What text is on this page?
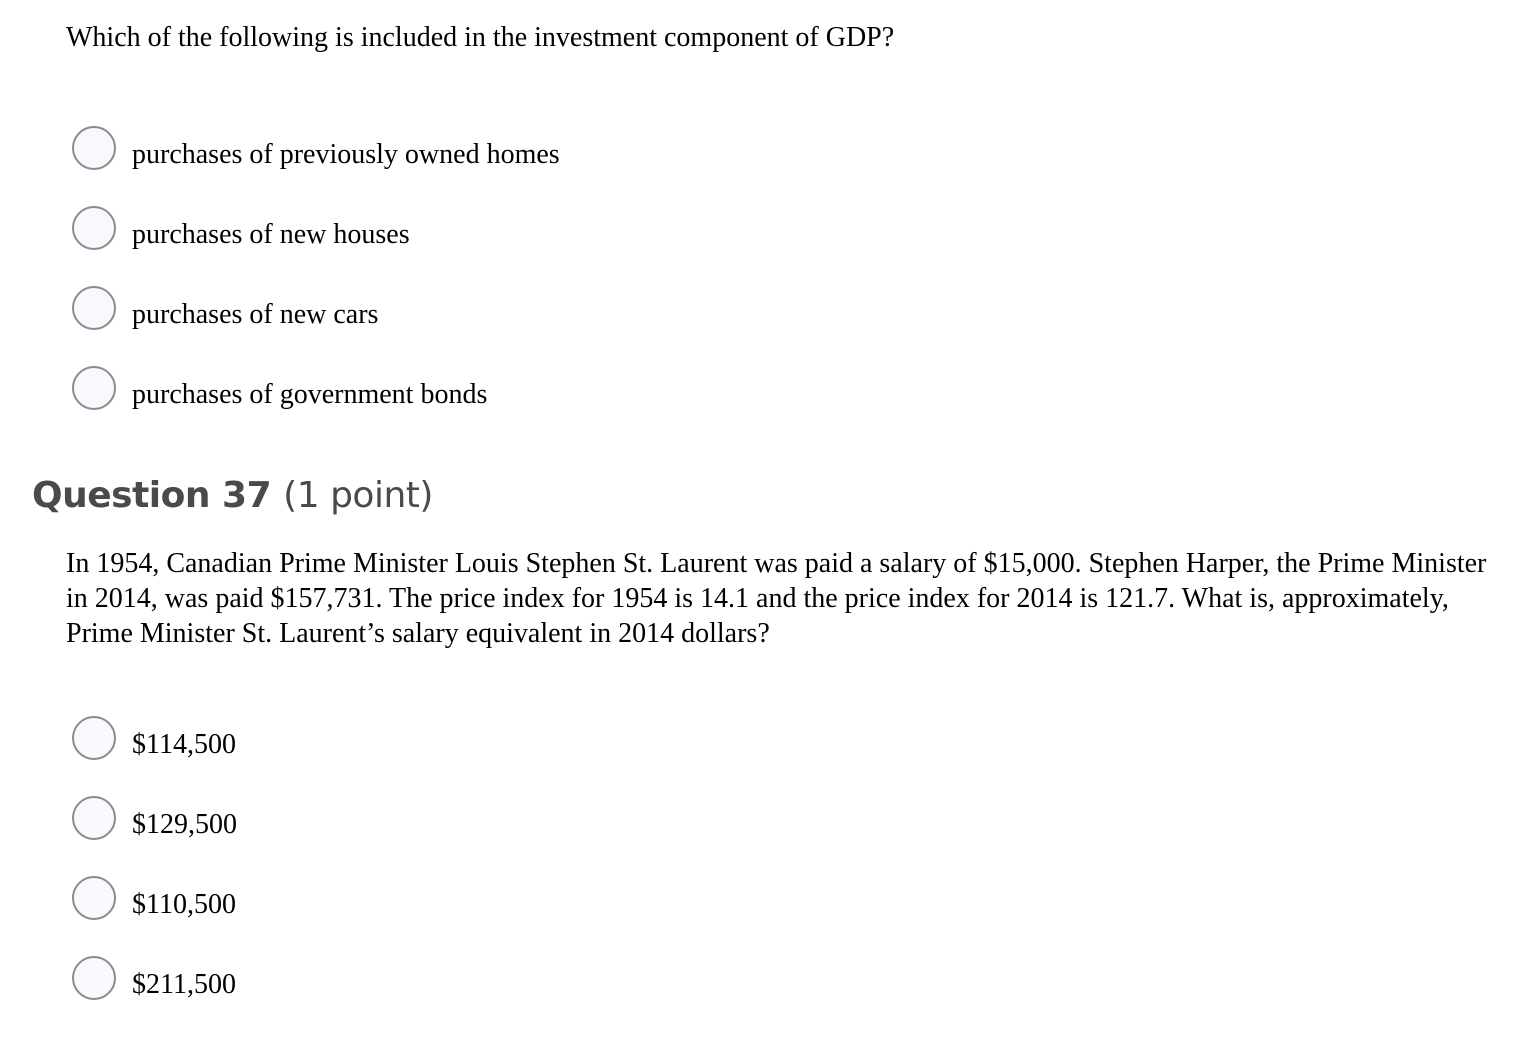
Which of the following is included in the investment component of GDP?

purchases of previously owned homes
purchases of new houses
purchases of new cars
purchases of government bonds
Question 37 (1 point)

In 1954, Canadian Prime Minister Louis Stephen St. Laurent was paid a salary of $15,000. Stephen Harper, the Prime Minister in 2014, was paid $157,731. The price index for 1954 is 14.1 and the price index for 2014 is 121.7. What is, approximately, Prime Minister St. Laurent’s salary equivalent in 2014 dollars?

$114,500
$129,500
$110,500
$211,500
